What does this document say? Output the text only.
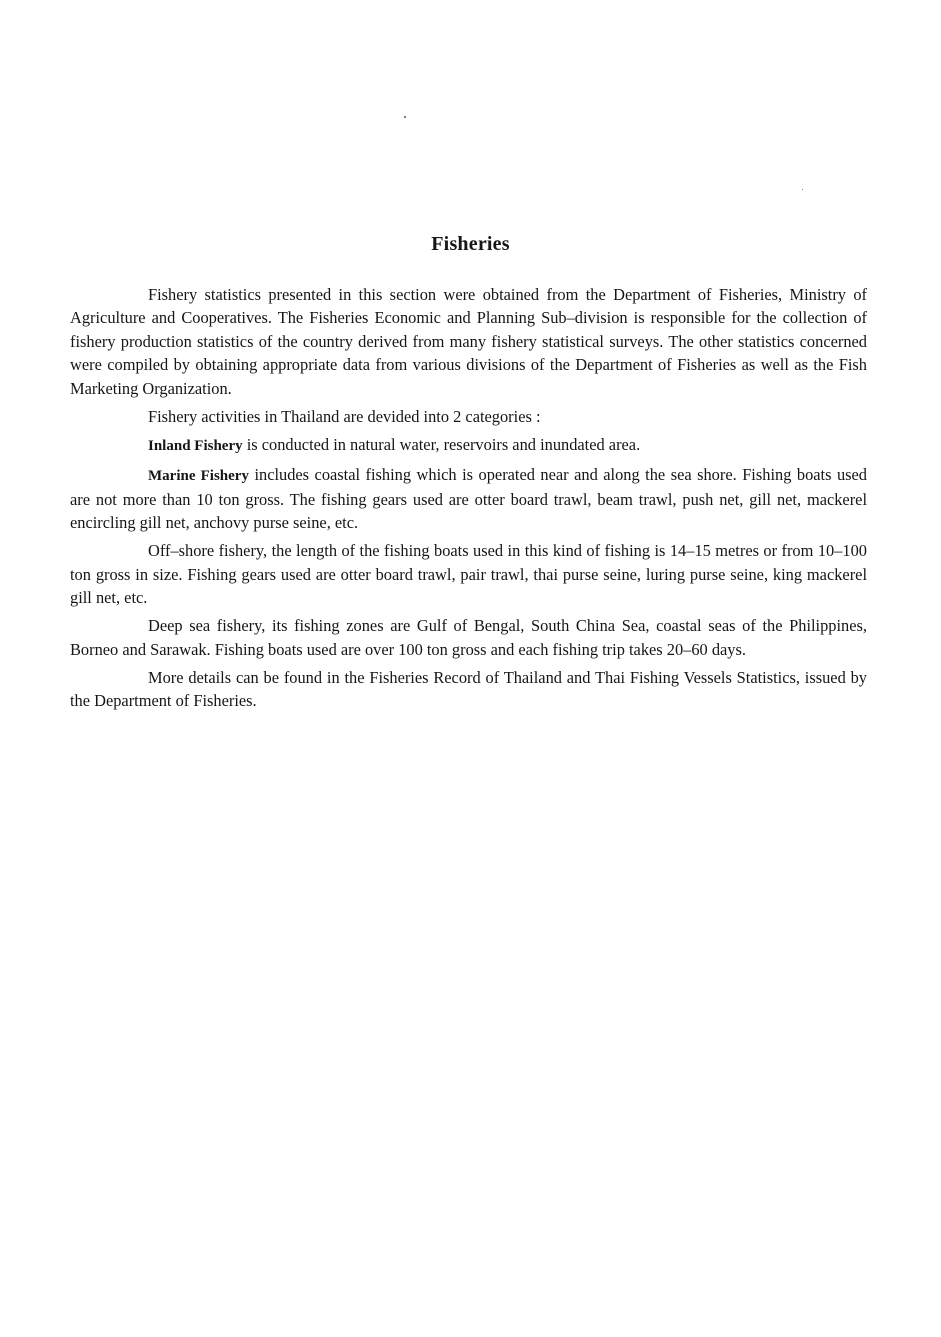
Fisheries

Fishery statistics presented in this section were obtained from the Department of Fisheries, Ministry of Agriculture and Cooperatives. The Fisheries Economic and Planning Sub–division is responsible for the collection of fishery production statistics of the country derived from many fishery statistical surveys. The other statistics concerned were compiled by obtaining appropriate data from various divisions of the Department of Fisheries as well as the Fish Marketing Organization.

Fishery activities in Thailand are devided into 2 categories :

Inland Fishery is conducted in natural water, reservoirs and inundated area.

Marine Fishery includes coastal fishing which is operated near and along the sea shore. Fishing boats used are not more than 10 ton gross. The fishing gears used are otter board trawl, beam trawl, push net, gill net, mackerel encircling gill net, anchovy purse seine, etc.

Off–shore fishery, the length of the fishing boats used in this kind of fishing is 14–15 metres or from 10–100 ton gross in size. Fishing gears used are otter board trawl, pair trawl, thai purse seine, luring purse seine, king mackerel gill net, etc.

Deep sea fishery, its fishing zones are Gulf of Bengal, South China Sea, coastal seas of the Philippines, Borneo and Sarawak. Fishing boats used are over 100 ton gross and each fishing trip takes 20–60 days.

More details can be found in the Fisheries Record of Thailand and Thai Fishing Vessels Statistics, issued by the Department of Fisheries.
